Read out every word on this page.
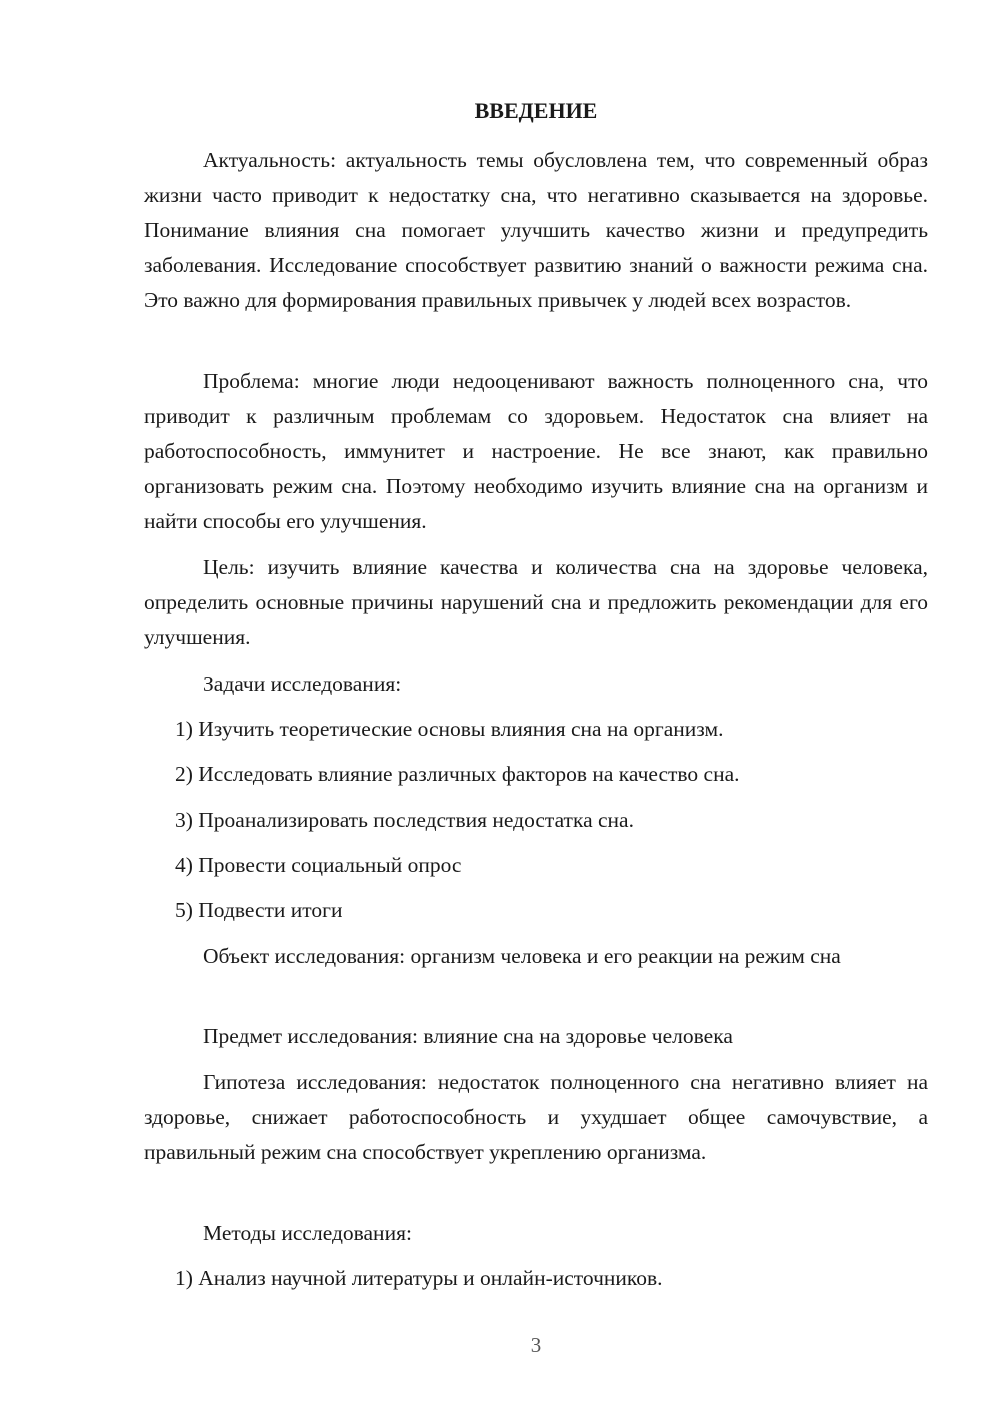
ВВЕДЕНИЕ

Актуальность: актуальность темы обусловлена тем, что современный образ жизни часто приводит к недостатку сна, что негативно сказывается на здоровье. Понимание влияния сна помогает улучшить качество жизни и предупредить заболевания. Исследование способствует развитию знаний о важности режима сна. Это важно для формирования правильных привычек у людей всех возрастов.

Проблема: многие люди недооценивают важность полноценного сна, что приводит к различным проблемам со здоровьем. Недостаток сна влияет на работоспособность, иммунитет и настроение. Не все знают, как правильно организовать режим сна. Поэтому необходимо изучить влияние сна на организм и найти способы его улучшения.

Цель: изучить влияние качества и количества сна на здоровье человека, определить основные причины нарушений сна и предложить рекомендации для его улучшения.

Задачи исследования:

1) Изучить теоретические основы влияния сна на организм.

2) Исследовать влияние различных факторов на качество сна.

3) Проанализировать последствия недостатка сна.

4) Провести социальный опрос

5) Подвести итоги

Объект исследования: организм человека и его реакции на режим сна

Предмет исследования: влияние сна на здоровье человека

Гипотеза исследования: недостаток полноценного сна негативно влияет на здоровье, снижает работоспособность и ухудшает общее самочувствие, а правильный режим сна способствует укреплению организма.

Методы исследования:

1) Анализ научной литературы и онлайн-источников.

3
